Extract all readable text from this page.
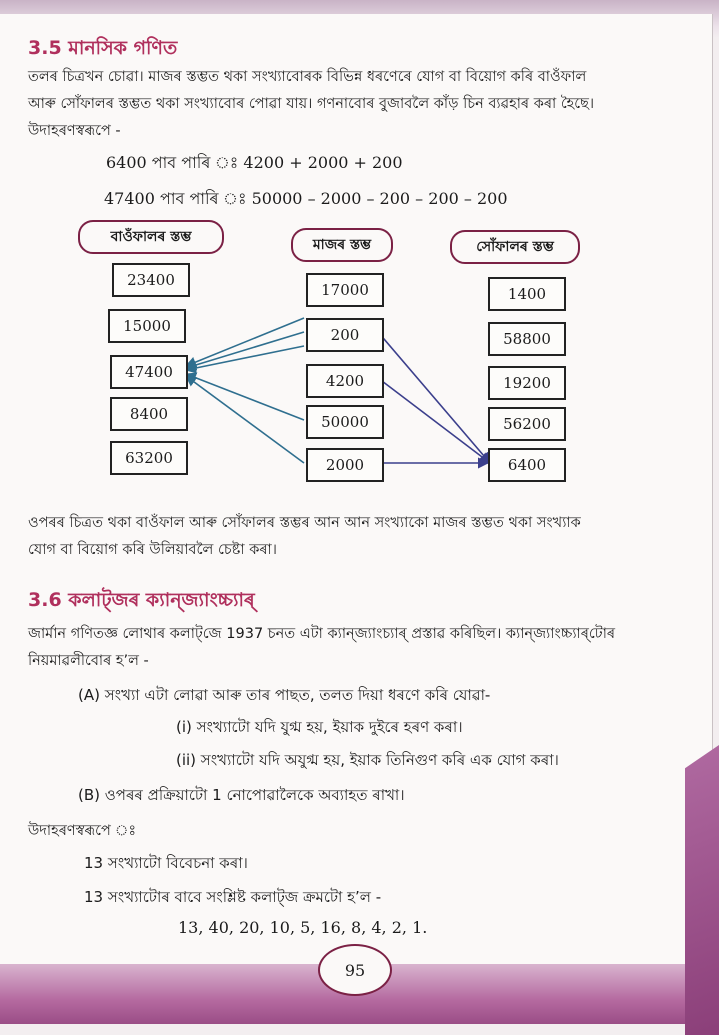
3.5 মানসিক গণিত
তলৰ চিত্ৰখন চোৱা। মাজৰ স্তম্ভত থকা সংখ্যাবোৰক বিভিন্ন ধৰণেৰে যোগ বা বিয়োগ কৰি বাওঁফাল
আৰু সোঁফালৰ স্তম্ভত থকা সংখ্যাবোৰ পোৱা যায়। গণনাবোৰ বুজাবলৈ কাঁড় চিন ব্যৱহাৰ কৰা হৈছে।
উদাহৰণস্বৰূপে -
6400 পাব পাৰি ঃ 4200 + 2000 + 200
47400 পাব পাৰি ঃ 50000 – 2000 – 200 – 200 – 200
বাওঁফালৰ স্তম্ভ	মাজৰ স্তম্ভ	সোঁফালৰ স্তম্ভ
23400
15000
47400
8400
63200
17000
200
4200
50000
2000
1400
58800
19200
56200
6400
ওপৰৰ চিত্ৰত থকা বাওঁফাল আৰু সোঁফালৰ স্তম্ভৰ আন আন সংখ্যাকো মাজৰ স্তম্ভত থকা সংখ্যাক
যোগ বা বিয়োগ কৰি উলিয়াবলৈ চেষ্টা কৰা।
3.6 কলাট্‌জৰ ক্যান্‌জ্যাংচ্চ্যাৰ্
জাৰ্মান গণিতজ্ঞ লোথাৰ কলাট্‌জে 1937 চনত এটা ক্যান্‌জ্যাংচ্যাৰ্ প্ৰস্তাৱ কৰিছিল। ক্যান্‌জ্যাংচ্চ্যাৰ্‌টোৰ
নিয়মাৱলীবোৰ হ’ল -
(A) সংখ্যা এটা লোৱা আৰু তাৰ পাছত, তলত দিয়া ধৰণে কৰি যোৱা-
(i) সংখ্যাটো যদি যুগ্ম হয়, ইয়াক দুইৰে হৰণ কৰা।
(ii) সংখ্যাটো যদি অযুগ্ম হয়, ইয়াক তিনিগুণ কৰি এক যোগ কৰা।
(B) ওপৰৰ প্ৰক্ৰিয়াটো 1 নোপোৱালৈকে অব্যাহত ৰাখা।
উদাহৰণস্বৰূপে ঃ
13 সংখ্যাটো বিবেচনা কৰা।
13 সংখ্যাটোৰ বাবে সংশ্লিষ্ট কলাট্‌জ ক্ৰমটো হ’ল -
13, 40, 20, 10, 5, 16, 8, 4, 2, 1.
95
